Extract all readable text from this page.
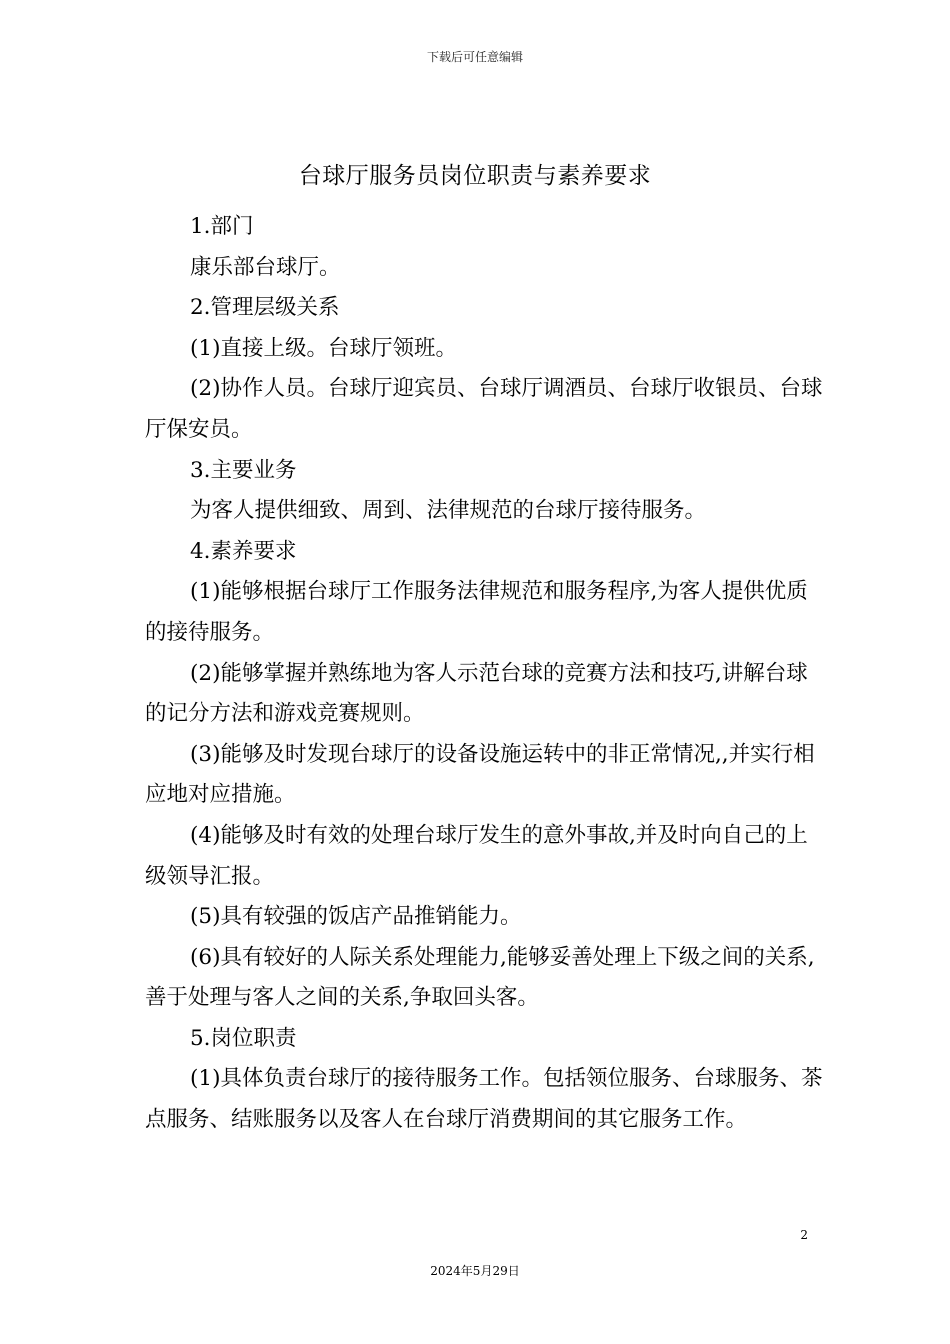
下载后可任意编辑
台球厅服务员岗位职责与素养要求

1.部门

康乐部台球厅。

2.管理层级关系

(1)直接上级。台球厅领班。

(2)协作人员。台球厅迎宾员、台球厅调酒员、台球厅收银员、台球厅保安员。

3.主要业务

为客人提供细致、周到、法律规范的台球厅接待服务。

4.素养要求

(1)能够根据台球厅工作服务法律规范和服务程序,为客人提供优质的接待服务。

(2)能够掌握并熟练地为客人示范台球的竞赛方法和技巧,讲解台球的记分方法和游戏竞赛规则。

(3)能够及时发现台球厅的设备设施运转中的非正常情况,,并实行相应地对应措施。

(4)能够及时有效的处理台球厅发生的意外事故,并及时向自己的上级领导汇报。

(5)具有较强的饭店产品推销能力。

(6)具有较好的人际关系处理能力,能够妥善处理上下级之间的关系,善于处理与客人之间的关系,争取回头客。

5.岗位职责

(1)具体负责台球厅的接待服务工作。包括领位服务、台球服务、茶点服务、结账服务以及客人在台球厅消费期间的其它服务工作。

2
2024年5月29日
